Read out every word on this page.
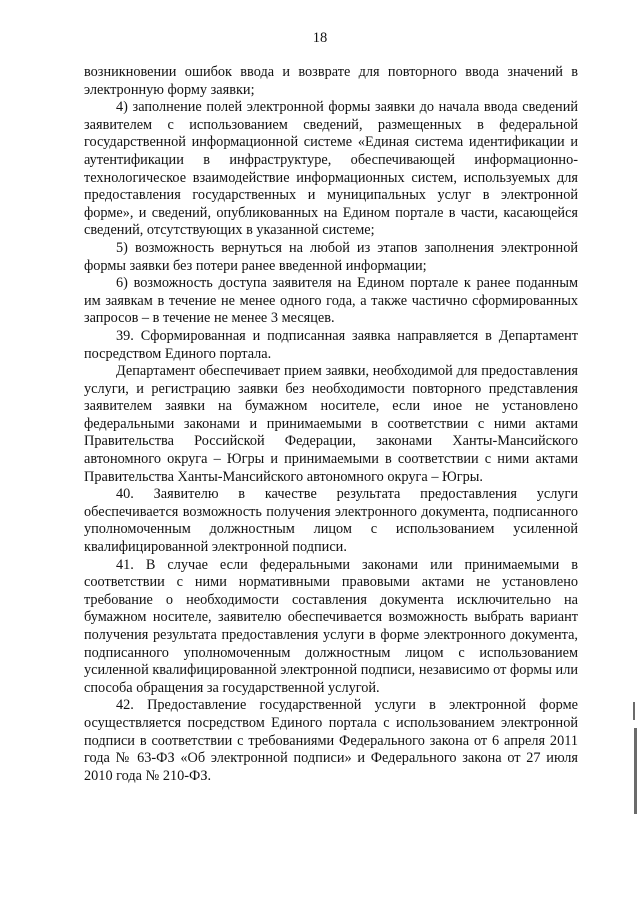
18

возникновении ошибок ввода и возврате для повторного ввода значений в электронную форму заявки;

4) заполнение полей электронной формы заявки до начала ввода сведений заявителем с использованием сведений, размещенных в федеральной государственной информационной системе «Единая система идентификации и аутентификации в инфраструктуре, обеспечивающей информационно-технологическое взаимодействие информационных систем, используемых для предоставления государственных и муниципальных услуг в электронной форме», и сведений, опубликованных на Едином портале в части, касающейся сведений, отсутствующих в указанной системе;

5) возможность вернуться на любой из этапов заполнения электронной формы заявки без потери ранее введенной информации;

6) возможность доступа заявителя на Едином портале к ранее поданным им заявкам в течение не менее одного года, а также частично сформированных запросов – в течение не менее 3 месяцев.

39. Сформированная и подписанная заявка направляется в Департамент посредством Единого портала.

Департамент обеспечивает прием заявки, необходимой для предоставления услуги, и регистрацию заявки без необходимости повторного представления заявителем заявки на бумажном носителе, если иное не установлено федеральными законами и принимаемыми в соответствии с ними актами Правительства Российской Федерации, законами Ханты-Мансийского автономного округа – Югры и принимаемыми в соответствии с ними актами Правительства Ханты-Мансийского автономного округа – Югры.

40. Заявителю в качестве результата предоставления услуги обеспечивается возможность получения электронного документа, подписанного уполномоченным должностным лицом с использованием усиленной квалифицированной электронной подписи.

41. В случае если федеральными законами или принимаемыми в соответствии с ними нормативными правовыми актами не установлено требование о необходимости составления документа исключительно на бумажном носителе, заявителю обеспечивается возможность выбрать вариант получения результата предоставления услуги в форме электронного документа, подписанного уполномоченным должностным лицом с использованием усиленной квалифицированной электронной подписи, независимо от формы или способа обращения за государственной услугой.

42. Предоставление государственной услуги в электронной форме осуществляется посредством Единого портала с использованием электронной подписи в соответствии с требованиями Федерального закона от 6 апреля 2011 года № 63-ФЗ «Об электронной подписи» и Федерального закона от 27 июля 2010 года № 210-ФЗ.
